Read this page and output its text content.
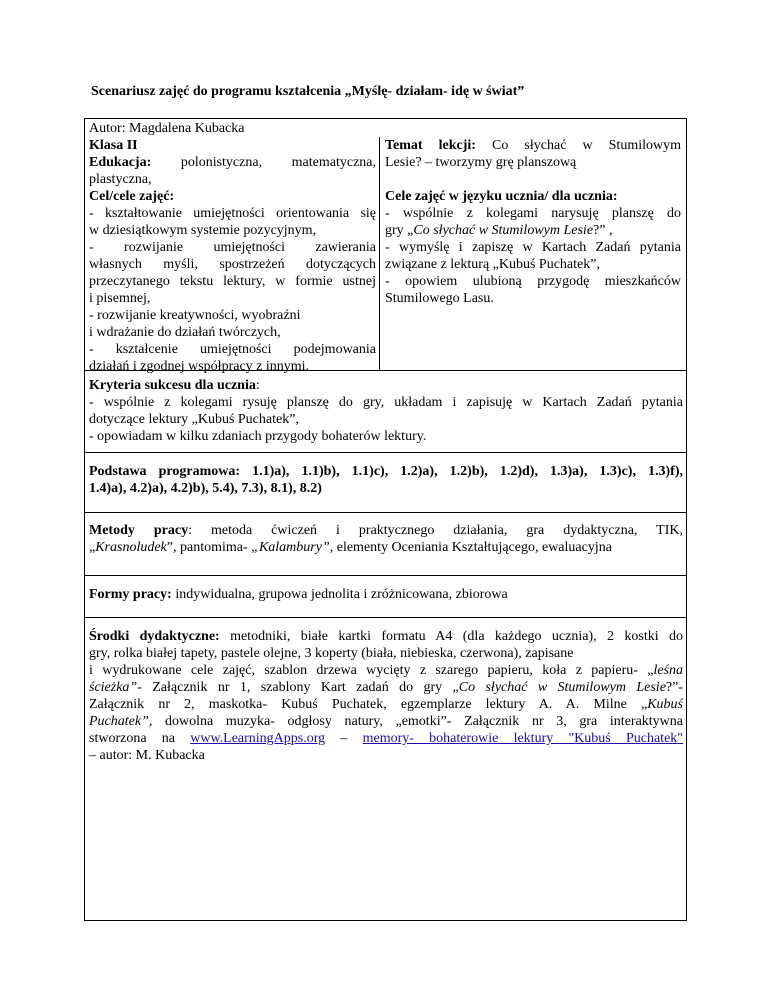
Scenariusz zajęć do programu kształcenia „Myślę- działam- idę w świat”
Autor: Magdalena Kubacka
Klasa II
Edukacja: polonistyczna, matematyczna,
plastyczna,
Cel/cele zajęć:
- kształtowanie umiejętności orientowania się
w dziesiątkowym systemie pozycyjnym,
- rozwijanie umiejętności zawierania
własnych myśli, spostrzeżeń dotyczących
przeczytanego tekstu lektury, w formie ustnej
i pisemnej,
- rozwijanie kreatywności, wyobraźni
i wdrażanie do działań twórczych,
- kształcenie umiejętności podejmowania
działań i zgodnej współpracy z innymi.
Temat lekcji: Co słychać w Stumilowym
Lesie? – tworzymy grę planszową
Cele zajęć w języku ucznia/ dla ucznia:
- wspólnie z kolegami narysuję planszę do
gry „Co słychać w Stumilowym Lesie?” ,
- wymyślę i zapiszę w Kartach Zadań pytania
związane z lekturą „Kubuś Puchatek”,
- opowiem ulubioną przygodę mieszkańców
Stumilowego Lasu.
Kryteria sukcesu dla ucznia:
- wspólnie z kolegami rysuję planszę do gry, układam i zapisuję w Kartach Zadań pytania
dotyczące lektury „Kubuś Puchatek”,
- opowiadam w kilku zdaniach przygody bohaterów lektury.
Podstawa programowa: 1.1)a), 1.1)b), 1.1)c), 1.2)a), 1.2)b), 1.2)d), 1.3)a), 1.3)c), 1.3)f),
1.4)a), 4.2)a), 4.2)b), 5.4), 7.3), 8.1), 8.2)
Metody pracy: metoda ćwiczeń i praktycznego działania, gra dydaktyczna, TIK,
„Krasnoludek”, pantomima- „Kalambury”, elementy Oceniania Kształtującego, ewaluacyjna
Formy pracy: indywidualna, grupowa jednolita i zróżnicowana, zbiorowa
Środki dydaktyczne: metodniki, białe kartki formatu A4 (dla każdego ucznia), 2 kostki do
gry, rolka białej tapety, pastele olejne, 3 koperty (biała, niebieska, czerwona), zapisane
i wydrukowane cele zajęć, szablon drzewa wycięty z szarego papieru, koła z papieru- „leśna
ścieżka”- Załącznik nr 1, szablony Kart zadań do gry „Co słychać w Stumilowym Lesie?”-
Załącznik nr 2, maskotka- Kubuś Puchatek, egzemplarze lektury A. A. Milne „Kubuś
Puchatek”, dowolna muzyka- odgłosy natury, „emotki”- Załącznik nr 3, gra interaktywna
stworzona na www.LearningApps.org – memory- bohaterowie lektury "Kubuś Puchatek"
– autor: M. Kubacka
